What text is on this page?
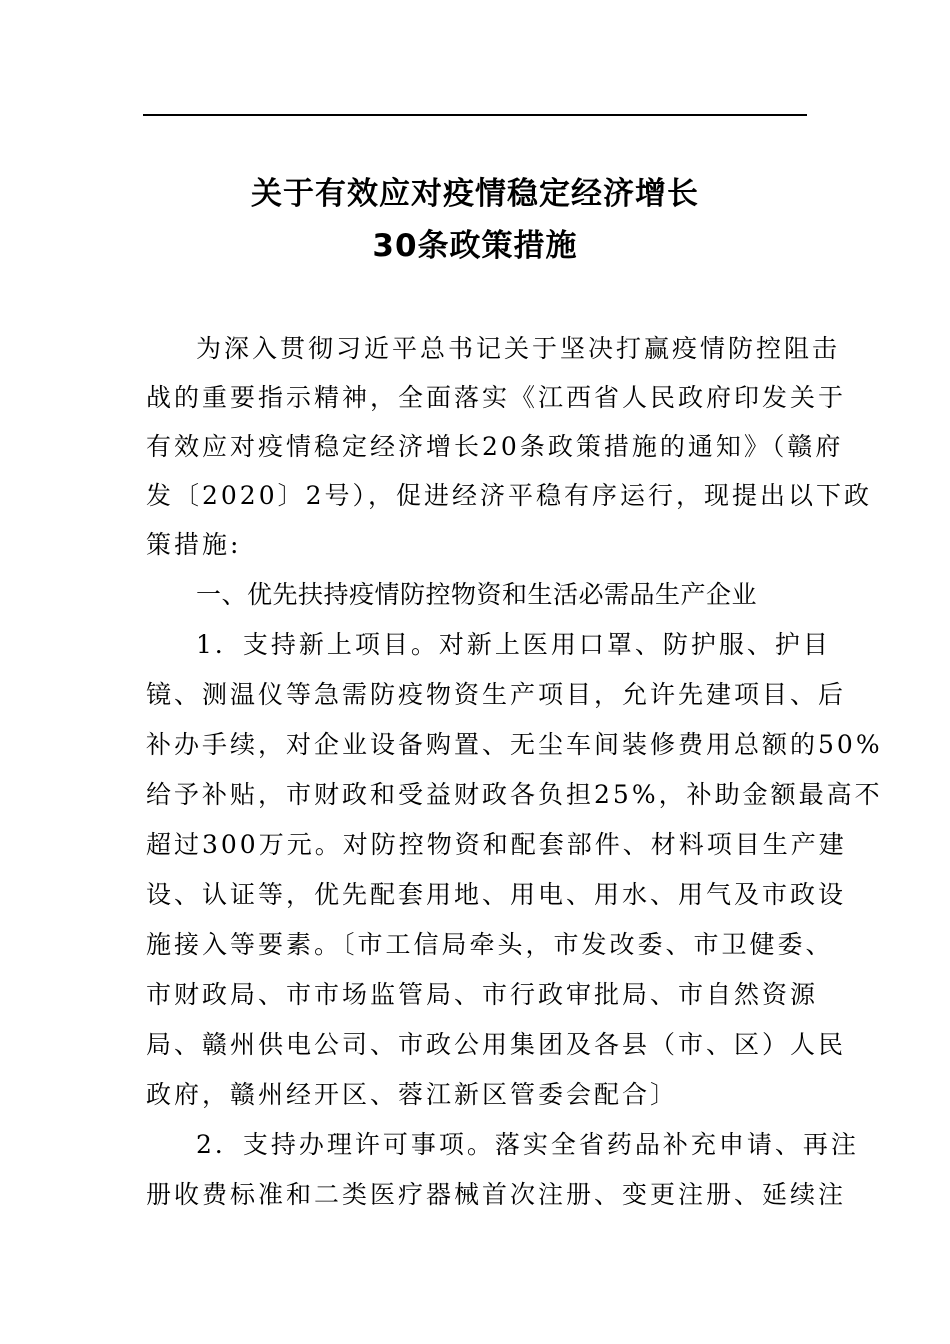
关于有效应对疫情稳定经济增长
30条政策措施
为深入贯彻习近平总书记关于坚决打赢疫情防控阻击
战的重要指示精神，全面落实《江西省人民政府印发关于
有效应对疫情稳定经济增长20条政策措施的通知》（赣府
发〔2020〕2号），促进经济平稳有序运行，现提出以下政
策措施:
一、优先扶持疫情防控物资和生活必需品生产企业
1．支持新上项目。对新上医用口罩、防护服、护目
镜、测温仪等急需防疫物资生产项目，允许先建项目、后
补办手续，对企业设备购置、无尘车间装修费用总额的50%
给予补贴，市财政和受益财政各负担25%，补助金额最高不
超过300万元。对防控物资和配套部件、材料项目生产建
设、认证等，优先配套用地、用电、用水、用气及市政设
施接入等要素。〔市工信局牵头，市发改委、市卫健委、
市财政局、市市场监管局、市行政审批局、市自然资源
局、赣州供电公司、市政公用集团及各县（市、区）人民
政府，赣州经开区、蓉江新区管委会配合〕
2．支持办理许可事项。落实全省药品补充申请、再注
册收费标准和二类医疗器械首次注册、变更注册、延续注
